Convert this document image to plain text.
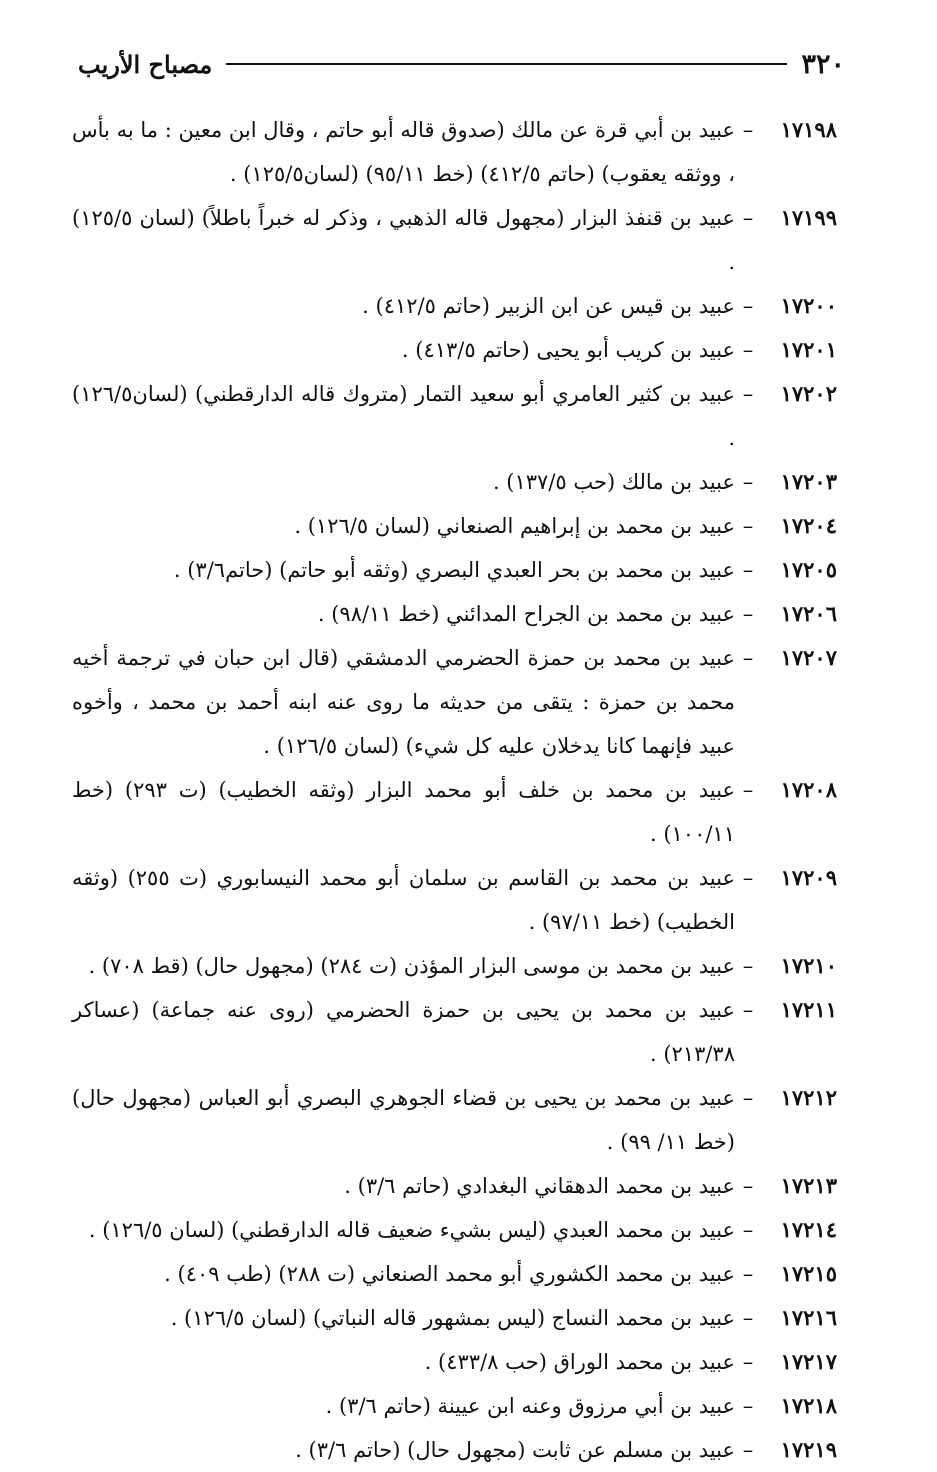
٣٢٠
مصباح الأريب
١٧١٩٨
–
عبيد بن أبي قرة عن مالك (صدوق قاله أبو حاتم ، وقال ابن معين : ما به بأس ، ووثقه يعقوب) (حاتم ٤١٢/٥) (خط ٩٥/١١) (لسان١٢٥/٥) .
١٧١٩٩
–
عبيد بن قنفذ البزار (مجهول قاله الذهبي ، وذكر له خبراً باطلاً) (لسان ١٢٥/٥) .
١٧٢٠٠
–
عبيد بن قيس عن ابن الزبير (حاتم ٤١٢/٥) .
١٧٢٠١
–
عبيد بن كريب أبو يحيى (حاتم ٤١٣/٥) .
١٧٢٠٢
–
عبيد بن كثير العامري أبو سعيد التمار (متروك قاله الدارقطني) (لسان١٢٦/٥) .
١٧٢٠٣
–
عبيد بن مالك (حب ١٣٧/٥) .
١٧٢٠٤
–
عبيد بن محمد بن إبراهيم الصنعاني (لسان ١٢٦/٥) .
١٧٢٠٥
–
عبيد بن محمد بن بحر العبدي البصري (وثقه أبو حاتم) (حاتم٣/٦) .
١٧٢٠٦
–
عبيد بن محمد بن الجراح المدائني (خط ٩٨/١١) .
١٧٢٠٧
–
عبيد بن محمد بن حمزة الحضرمي الدمشقي (قال ابن حبان في ترجمة أخيه محمد بن حمزة : يتقى من حديثه ما روى عنه ابنه أحمد بن محمد ، وأخوه عبيد فإنهما كانا يدخلان عليه كل شيء) (لسان ١٢٦/٥) .
١٧٢٠٨
–
عبيد بن محمد بن خلف أبو محمد البزار (وثقه الخطيب) (ت ٢٩٣) (خط ١٠٠/١١) .
١٧٢٠٩
–
عبيد بن محمد بن القاسم بن سلمان أبو محمد النيسابوري (ت ٢٥٥) (وثقه الخطيب) (خط ٩٧/١١) .
١٧٢١٠
–
عبيد بن محمد بن موسى البزار المؤذن (ت ٢٨٤) (مجهول حال) (قط ٧٠٨) .
١٧٢١١
–
عبيد بن محمد بن يحيى بن حمزة الحضرمي (روى عنه جماعة) (عساكر ٢١٣/٣٨) .
١٧٢١٢
–
عبيد بن محمد بن يحيى بن قضاء الجوهري البصري أبو العباس (مجهول حال) (خط ١١/ ٩٩) .
١٧٢١٣
–
عبيد بن محمد الدهقاني البغدادي (حاتم ٣/٦) .
١٧٢١٤
–
عبيد بن محمد العبدي (ليس بشيء ضعيف قاله الدارقطني) (لسان ١٢٦/٥) .
١٧٢١٥
–
عبيد بن محمد الكشوري أبو محمد الصنعاني (ت ٢٨٨) (طب ٤٠٩) .
١٧٢١٦
–
عبيد بن محمد النساج (ليس بمشهور قاله النباتي) (لسان ١٢٦/٥) .
١٧٢١٧
–
عبيد بن محمد الوراق (حب ٤٣٣/٨) .
١٧٢١٨
–
عبيد بن أبي مرزوق وعنه ابن عيينة (حاتم ٣/٦) .
١٧٢١٩
–
عبيد بن مسلم عن ثابت (مجهول حال) (حاتم ٣/٦) .
